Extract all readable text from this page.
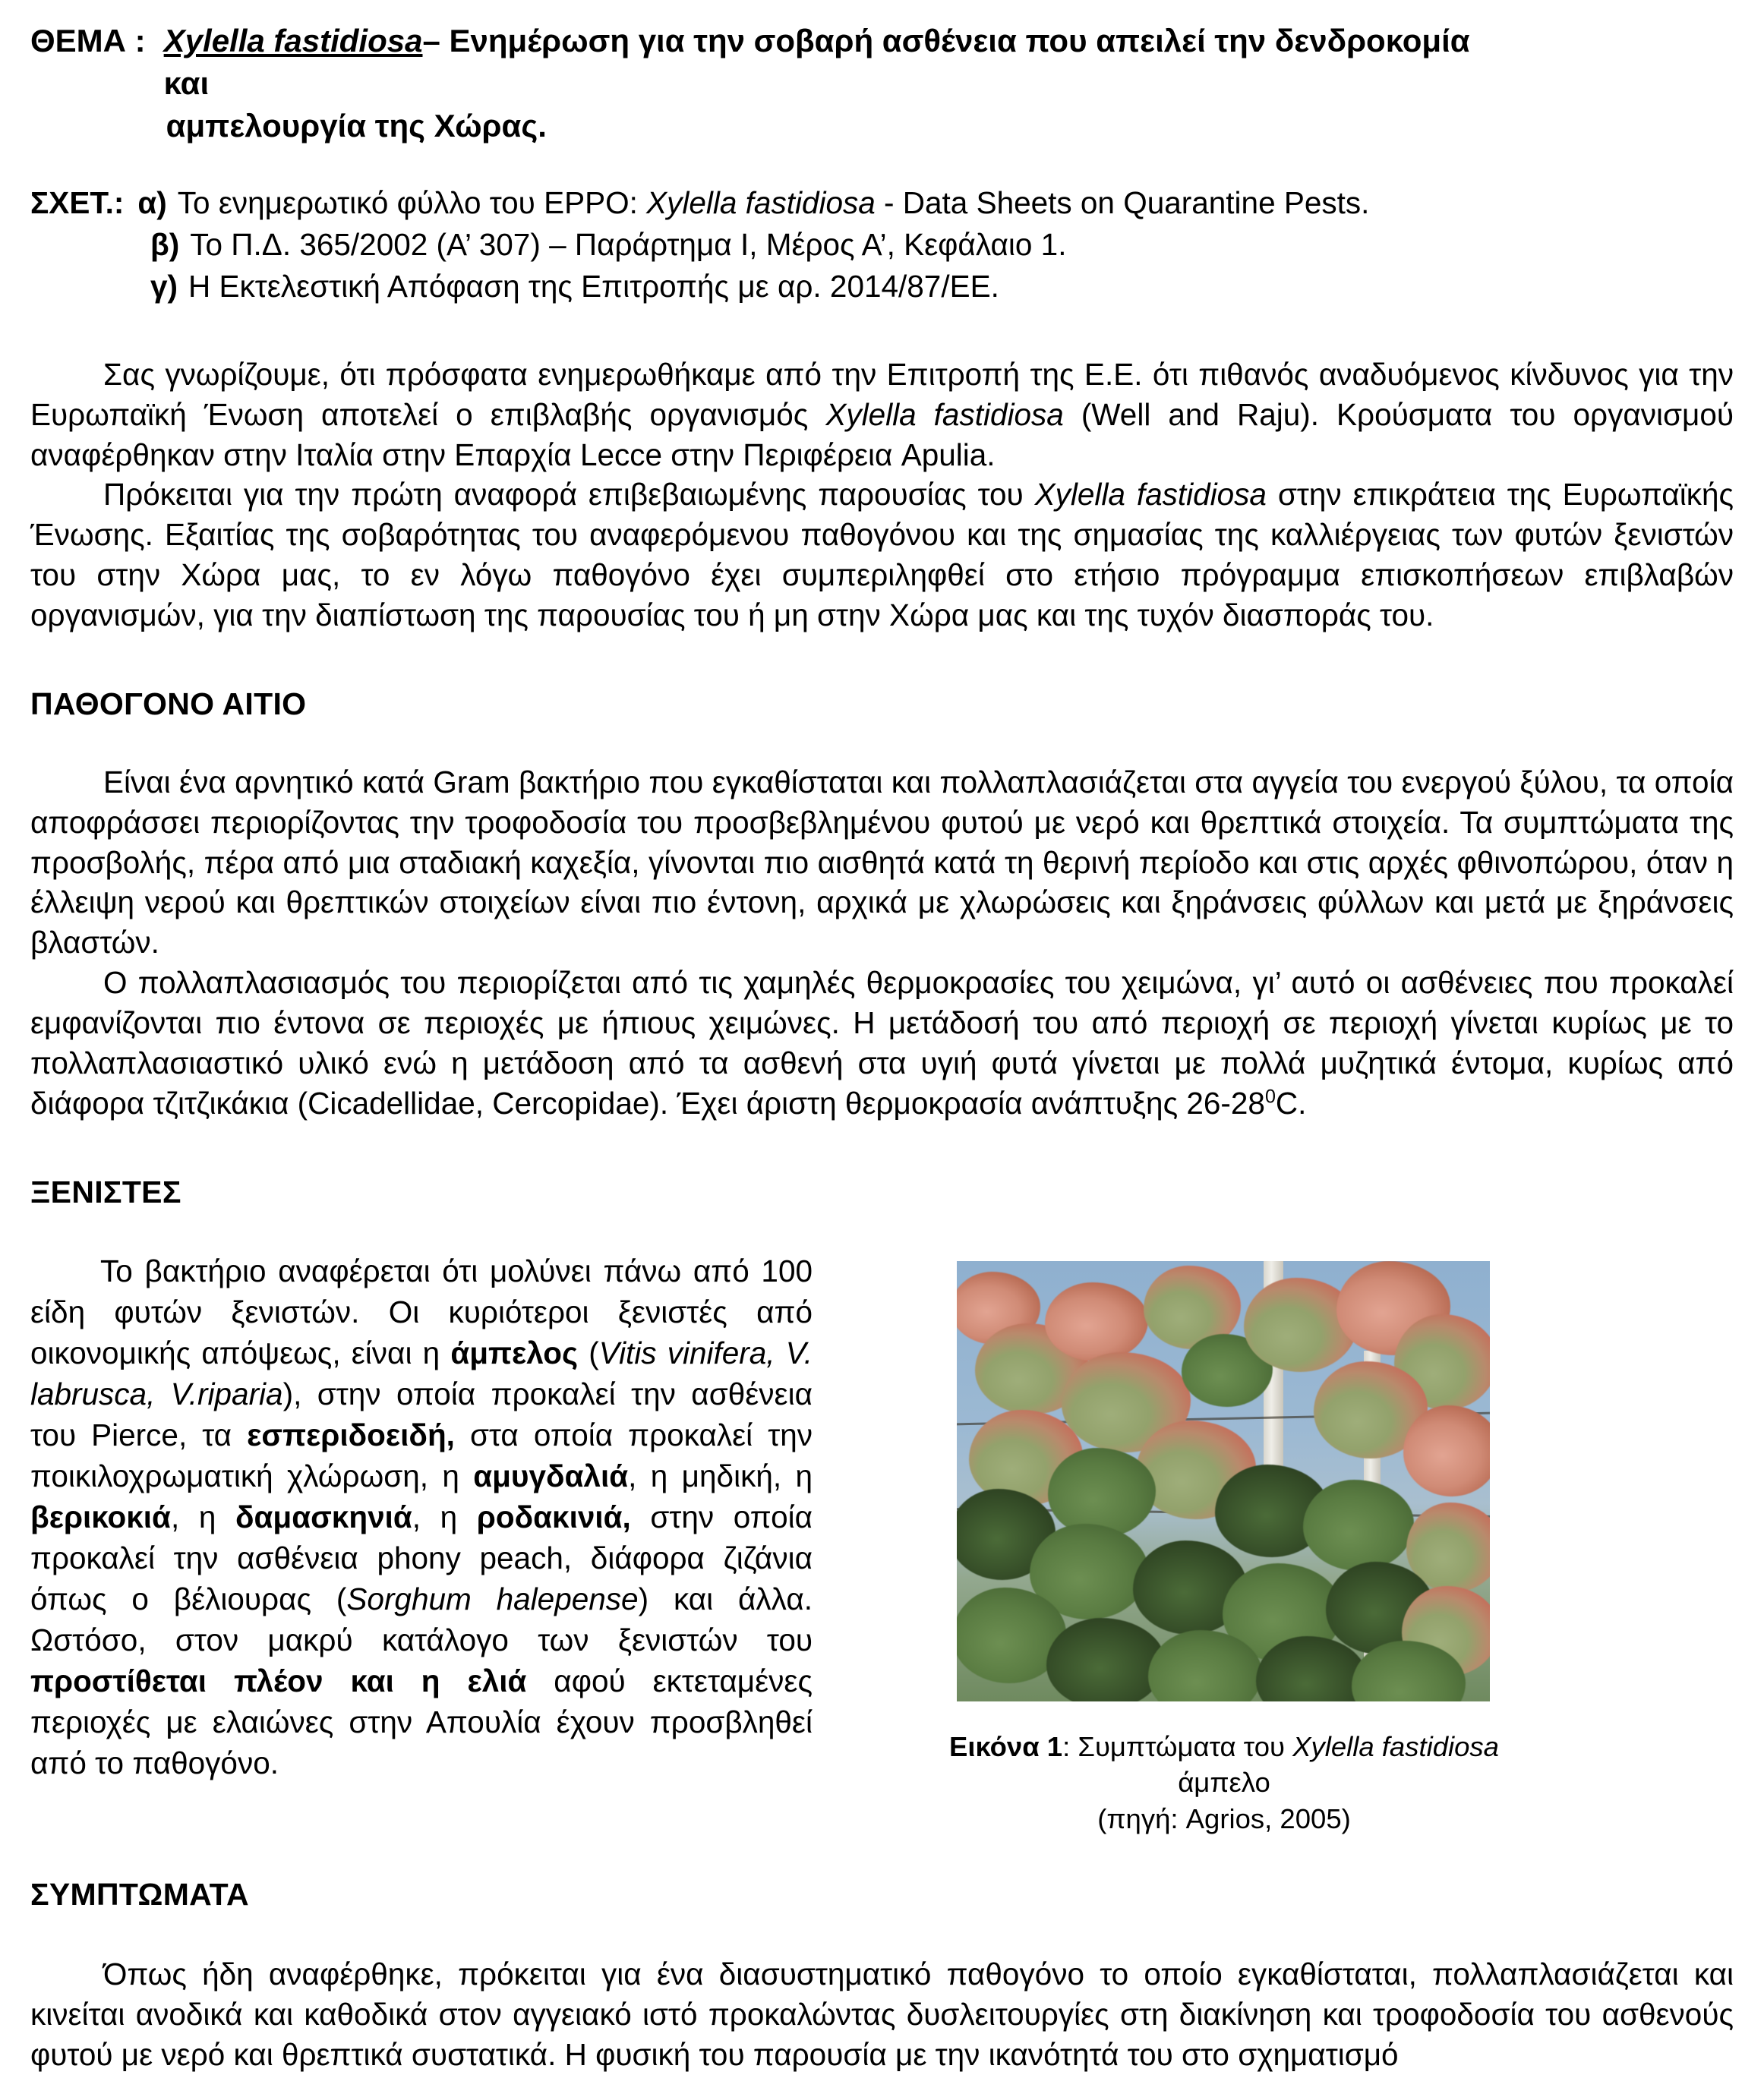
ΘΕΜΑ : Xylella fastidiosa– Ενημέρωση για την σοβαρή ασθένεια που απειλεί την δενδροκομία και
αμπελουργία της Χώρας.
ΣΧΕΤ.: α) Το ενημερωτικό φύλλο του EPPO: Xylella fastidiosa - Data Sheets on Quarantine Pests.
β) Το Π.Δ. 365/2002 (Α’ 307) – Παράρτημα Ι, Μέρος Α’, Κεφάλαιο 1.
γ) Η Εκτελεστική Απόφαση της Επιτροπής με αρ. 2014/87/ΕΕ.

Σας γνωρίζουμε, ότι πρόσφατα ενημερωθήκαμε από την Επιτροπή της Ε.Ε. ότι πιθανός αναδυόμενος κίνδυνος για την Ευρωπαϊκή Ένωση αποτελεί ο επιβλαβής οργανισμός Xylella fastidiosa (Well and Raju). Κρούσματα του οργανισμού αναφέρθηκαν στην Ιταλία στην Επαρχία Lecce στην Περιφέρεια Apulia.

Πρόκειται για την πρώτη αναφορά επιβεβαιωμένης παρουσίας του Xylella fastidiosa στην επικράτεια της Ευρωπαϊκής Ένωσης. Εξαιτίας της σοβαρότητας του αναφερόμενου παθογόνου και της σημασίας της καλλιέργειας των φυτών ξενιστών του στην Χώρα μας, το εν λόγω παθογόνο έχει συμπεριληφθεί στο ετήσιο πρόγραμμα επισκοπήσεων επιβλαβών οργανισμών, για την διαπίστωση της παρουσίας του ή μη στην Χώρα μας και της τυχόν διασποράς του.

ΠΑΘΟΓΟΝΟ ΑΙΤΙΟ

Είναι ένα αρνητικό κατά Gram βακτήριο που εγκαθίσταται και πολλαπλασιάζεται στα αγγεία του ενεργού ξύλου, τα οποία αποφράσσει περιορίζοντας την τροφοδοσία του προσβεβλημένου φυτού με νερό και θρεπτικά στοιχεία. Τα συμπτώματα της προσβολής, πέρα από μια σταδιακή καχεξία, γίνονται πιο αισθητά κατά τη θερινή περίοδο και στις αρχές φθινοπώρου, όταν η έλλειψη νερού και θρεπτικών στοιχείων είναι πιο έντονη, αρχικά με χλωρώσεις και ξηράνσεις φύλλων και μετά με ξηράνσεις βλαστών.

Ο πολλαπλασιασμός του περιορίζεται από τις χαμηλές θερμοκρασίες του χειμώνα, γι’ αυτό οι ασθένειες που προκαλεί εμφανίζονται πιο έντονα σε περιοχές με ήπιους χειμώνες. Η μετάδοσή του από περιοχή σε περιοχή γίνεται κυρίως με το πολλαπλασιαστικό υλικό ενώ η μετάδοση από τα ασθενή στα υγιή φυτά γίνεται με πολλά μυζητικά έντομα, κυρίως από διάφορα τζιτζικάκια (Cicadellidae, Cercopidae). Έχει άριστη θερμοκρασία ανάπτυξης $26-28^0C$.

ΞΕΝΙΣΤΕΣ

Το βακτήριο αναφέρεται ότι μολύνει πάνω από 100 είδη φυτών ξενιστών. Οι κυριότεροι ξενιστές από οικονομικής απόψεως, είναι η άμπελος (Vitis vinifera, V. labrusca, V.riparia), στην οποία προκαλεί την ασθένεια του Pierce, τα εσπεριδοειδή, στα οποία προκαλεί την ποικιλοχρωματική χλώρωση, η αμυγδαλιά, η μηδική, η βερικοκιά, η δαμασκηνιά, η ροδακινιά, στην οποία προκαλεί την ασθένεια phony peach, διάφορα ζιζάνια όπως ο βέλιουρας (Sorghum halepense) και άλλα. Ωστόσο, στον μακρύ κατάλογο των ξενιστών του προστίθεται πλέον και η ελιά αφού εκτεταμένες περιοχές με ελαιώνες στην Απουλία έχουν προσβληθεί από το παθογόνο.	Εικόνα 1: Συμπτώματα του Xylella fastidiosa άμπελο
(πηγή: Agrios, 2005)
ΣΥΜΠΤΩΜΑΤΑ

Όπως ήδη αναφέρθηκε, πρόκειται για ένα διασυστηματικό παθογόνο το οποίο εγκαθίσταται, πολλαπλασιάζεται και κινείται ανοδικά και καθοδικά στον αγγειακό ιστό προκαλώντας δυσλειτουργίες στη διακίνηση και τροφοδοσία του ασθενούς φυτού με νερό και θρεπτικά συστατικά. Η φυσική του παρουσία με την ικανότητά του στο σχηματισμό
